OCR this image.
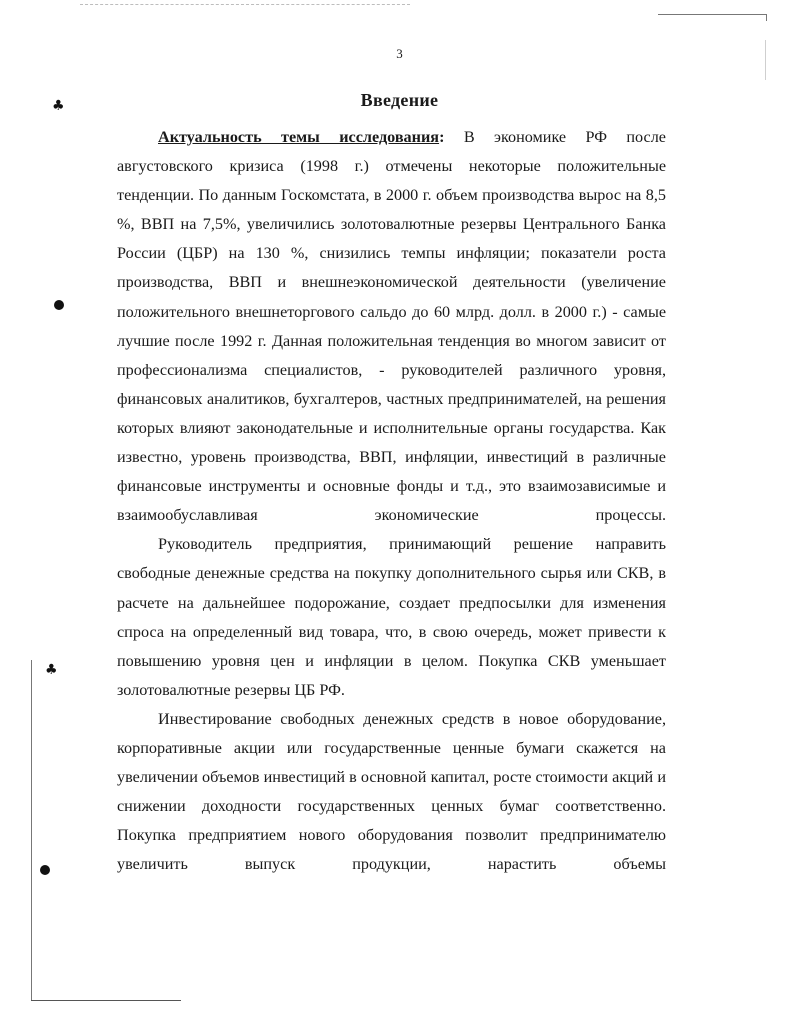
♣
♣
3
Введение

Актуальность темы исследования: В экономике РФ после августовского кризиса (1998 г.) отмечены некоторые положительные тенденции. По данным Госкомстата, в 2000 г. объем производства вырос на 8,5 %, ВВП на 7,5%, увеличились золотовалютные резервы Центрального Банка России (ЦБР) на 130 %, снизились темпы инфляции; показатели роста производства, ВВП и внешнеэкономической деятельности (увеличение положительного внешнеторгового сальдо до 60 млрд. долл. в 2000 г.) - самые лучшие после 1992 г. Данная положительная тенденция во многом зависит от профессионализма специалистов, - руководителей различного уровня, финансовых аналитиков, бухгалтеров, частных предпринимателей, на решения которых влияют законодательные и исполнительные органы государства. Как известно, уровень производства, ВВП, инфляции, инвестиций в различные финансовые инструменты и основные фонды и т.д., это взаимозависимые и взаимообуславливая экономические процессы.

Руководитель предприятия, принимающий решение направить свободные денежные средства на покупку дополнительного сырья или СКВ, в расчете на дальнейшее подорожание, создает предпосылки для изменения спроса на определенный вид товара, что, в свою очередь, может привести к повышению уровня цен и инфляции в целом. Покупка СКВ уменьшает золотовалютные резервы ЦБ РФ.

Инвестирование свободных денежных средств в новое оборудование, корпоративные акции или государственные ценные бумаги скажется на увеличении объемов инвестиций в основной капитал, росте стоимости акций и снижении доходности государственных ценных бумаг соответственно. Покупка предприятием нового оборудования позволит предпринимателю увеличить выпуск продукции, нарастить объемы
